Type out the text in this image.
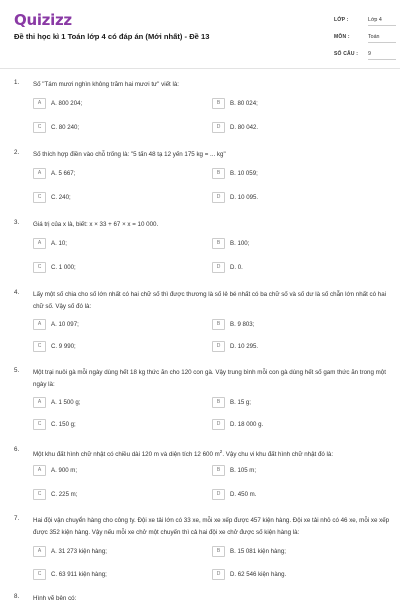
Quizizz
Đề thi học kì 1 Toán lớp 4 có đáp án (Mới nhất) - Đề 13
LỚP :	Lớp 4
MÔN :	Toán
SỐ CÂU : 9
1. Số "Tám mươi nghìn không trăm hai mươi tư" viết là:
A	A. 800 204;	B	B. 80 024;
C	C. 80 240;	D	D. 80 042.
2. Số thích hợp điền vào chỗ trống là: "5 tấn 48 tạ 12 yến 175 kg = ... kg"
A	A. 5 667;	B	B. 10 059;
C	C. 240;	D	D. 10 095.
3. Giá trị của x là, biết: x × 33 + 67 × x = 10 000.
A	A. 10;	B	B. 100;
C	C. 1 000;	D	D. 0.
4. Lấy một số chia cho số lớn nhất có hai chữ số thì được thương là số lẻ bé nhất có ba chữ số và số dư là số chẵn lớn nhất có hai chữ số. Vậy số đó là:
A	A. 10 097;	B	B. 9 803;
C	C. 9 990;	D	D. 10 295.
5. Một trại nuôi gà mỗi ngày dùng hết 18 kg thức ăn cho 120 con gà. Vậy trung bình mỗi con gà dùng hết số gam thức ăn trong một ngày là:
A	A. 1 500 g;	B	B. 15 g;
C	C. 150 g;	D	D. 18 000 g.
6.
Một khu đất hình chữ nhật có chiều dài 120 m và diện tích 12 600 $m^2$. Vậy chu vi khu đất hình chữ nhật đó là:
A	A. 900 m;	B	B. 105 m;
C	C. 225 m;	D	D. 450 m.
7. Hai đội vận chuyển hàng cho công ty. Đội xe tải lớn có 33 xe, mỗi xe xếp được 457 kiện hàng. Đội xe tải nhỏ có 46 xe, mỗi xe xếp được 352 kiện hàng. Vậy nếu mỗi xe chở một chuyến thì cả hai đội xe chở được số kiện hàng là:
A	A. 31 273 kiện hàng;	B	B. 15 081 kiện hàng;
C	C. 63 911 kiện hàng;	D	D. 62 546 kiện hàng.
8. Hình vẽ bên có:
